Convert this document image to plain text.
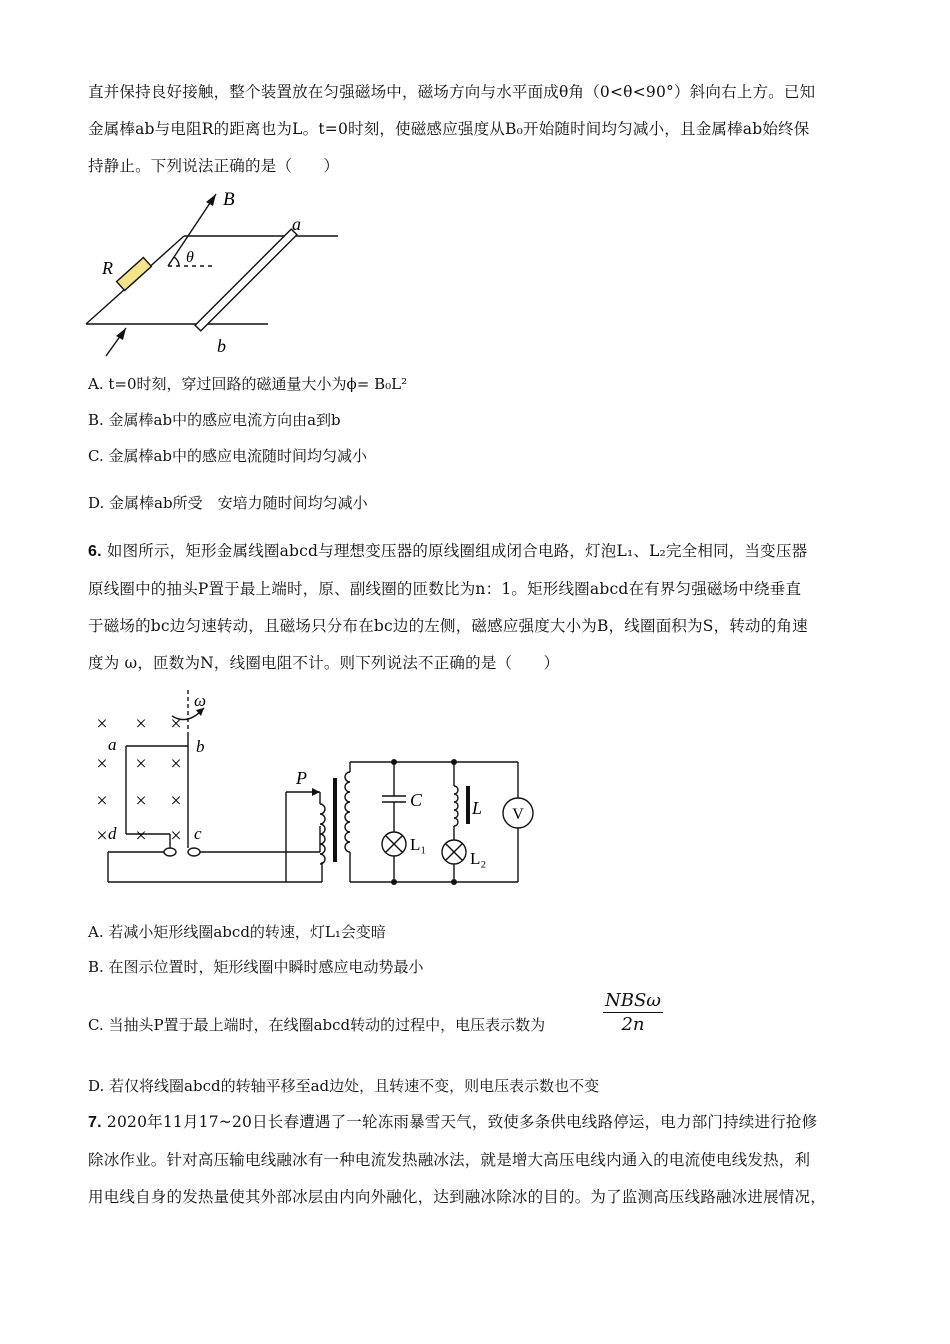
直并保持良好接触，整个装置放在匀强磁场中，磁场方向与水平面成θ角（0<θ<90°）斜向右上方。已知
金属棒ab与电阻R的距离也为L。t=0时刻，使磁感应强度从B₀开始随时间均匀减小，且金属棒ab始终保
持静止。下列说法正确的是（　　）
B
θ
R
a
b
A. t=0时刻，穿过回路的磁通量大小为ϕ= B₀L²
B. 金属棒ab中的感应电流方向由a到b
C. 金属棒ab中的感应电流随时间均匀减小
D. 金属棒ab所受　安培力随时间均匀减小
6. 如图所示，矩形金属线圈abcd与理想变压器的原线圈组成闭合电路，灯泡L₁、L₂完全相同，当变压器
原线圈中的抽头P置于最上端时，原、副线圈的匝数比为n：1。矩形线圈abcd在有界匀强磁场中绕垂直
于磁场的bc边匀速转动，且磁场只分布在bc边的左侧，磁感应强度大小为B，线圈面积为S，转动的角速
度为 ω，匝数为N，线圈电阻不计。则下列说法不正确的是（　　）
× × ×
× × ×
× × ×
× × ×
ω
a	b
c
d
P
C	L
L₁
L₂
V
A. 若减小矩形线圈abcd的转速，灯L₁会变暗
B. 在图示位置时，矩形线圈中瞬时感应电动势最小
C. 当抽头P置于最上端时，在线圈abcd转动的过程中，电压表示数为
NBSω
2n
D. 若仅将线圈abcd的转轴平移至ad边处，且转速不变，则电压表示数也不变
7. 2020年11月17~20日长春遭遇了一轮冻雨暴雪天气，致使多条供电线路停运，电力部门持续进行抢修
除冰作业。针对高压输电线融冰有一种电流发热融冰法，就是增大高压电线内通入的电流使电线发热，利
用电线自身的发热量使其外部冰层由内向外融化，达到融冰除冰的目的。为了监测高压线路融冰进展情况，
